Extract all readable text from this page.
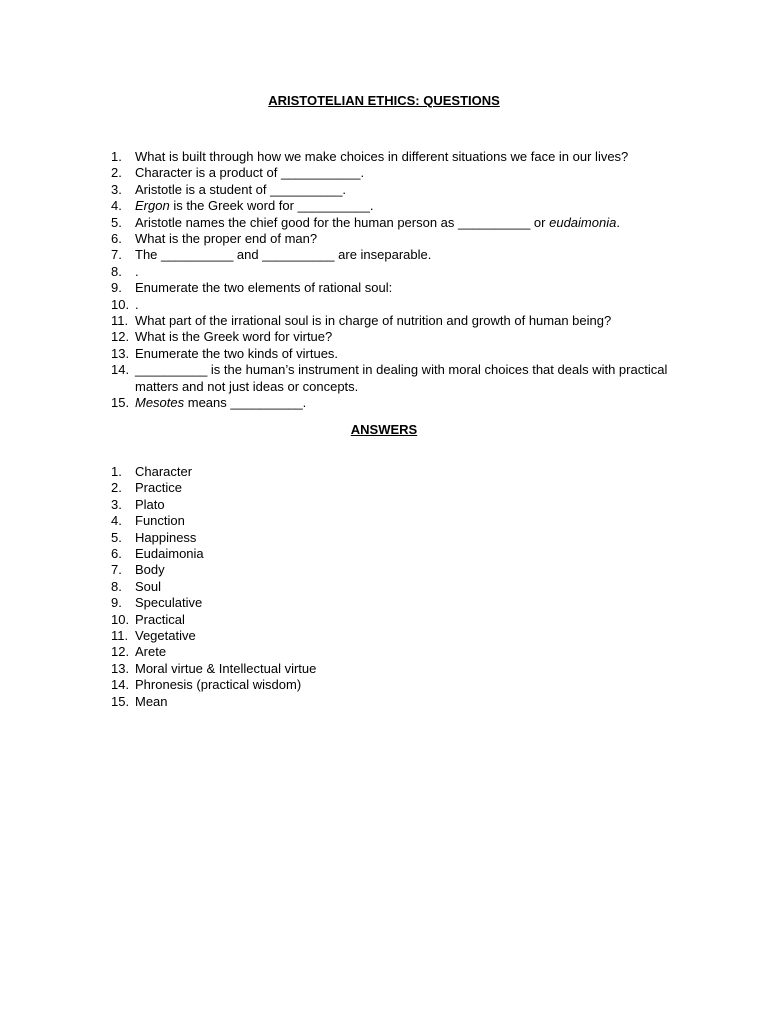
ARISTOTELIAN ETHICS: QUESTIONS
1.	What is built through how we make choices in different situations we face in our lives?
2.	Character is a product of ___________.
3.	Aristotle is a student of __________.
4.	Ergon is the Greek word for __________.
5.	Aristotle names the chief good for the human person as __________ or eudaimonia.
6.	What is the proper end of man?
7.	The __________ and __________ are inseparable.
8.	.
9.	Enumerate the two elements of rational soul:
10. .
11. What part of the irrational soul is in charge of nutrition and growth of human being?
12. What is the Greek word for virtue?
13. Enumerate the two kinds of virtues.
14. __________ is the human’s instrument in dealing with moral choices that deals with practical matters and not just ideas or concepts.
15. Mesotes means __________.
ANSWERS
1.	Character
2.	Practice
3.	Plato
4.	Function
5.	Happiness
6.	Eudaimonia
7.	Body
8.	Soul
9.	Speculative
10. Practical
11. Vegetative
12. Arete
13. Moral virtue & Intellectual virtue
14. Phronesis (practical wisdom)
15. Mean
